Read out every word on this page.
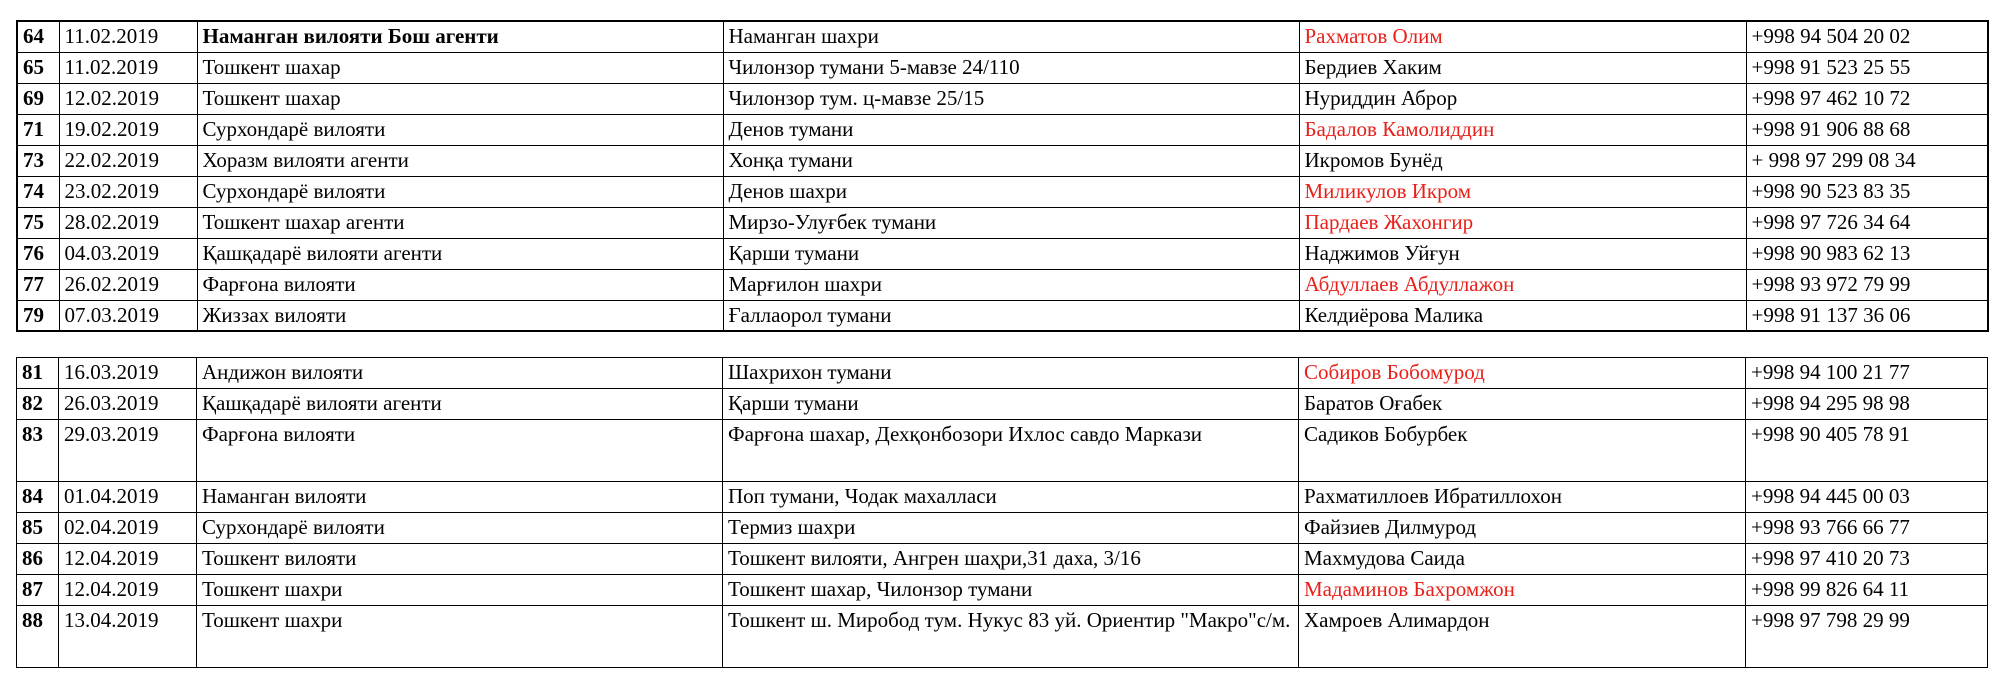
64	11.02.2019	Наманган вилояти Бош агенти	Наманган шахри	Рахматов Олим	+998 94 504 20 02
65	11.02.2019	Тошкент шахар	Чилонзор тумани 5-мавзе 24/110	Бердиев Хаким	+998 91 523 25 55
69	12.02.2019	Тошкент шахар	Чилонзор тум. ц-мавзе 25/15	Нуриддин Аброр	+998 97 462 10 72
71	19.02.2019	Сурхондарё вилояти	Денов тумани	Бадалов Камолиддин	+998 91 906 88 68
73	22.02.2019	Хоразм вилояти агенти	Хонқа тумани	Икромов Бунёд	+ 998 97 299 08 34
74	23.02.2019	Сурхондарё вилояти	Денов шахри	Миликулов Икром	+998 90 523 83 35
75	28.02.2019	Тошкент шахар агенти	Мирзо-Улуғбек тумани	Пардаев Жахонгир	+998 97 726 34 64
76	04.03.2019	Қашқадарё вилояти агенти	Қарши тумани	Наджимов Уйғун	+998 90 983 62 13
77	26.02.2019	Фарғона вилояти	Марғилон шахри	Абдуллаев Абдуллажон	+998 93 972 79 99
79	07.03.2019	Жиззах вилояти	Ғаллаорол тумани	Келдиёрова Малика	+998 91 137 36 06
81	16.03.2019	Андижон вилояти	Шахрихон тумани	Собиров Бобомурод	+998 94 100 21 77
82	26.03.2019	Қашқадарё вилояти агенти	Қарши тумани	Баратов Оғабек	+998 94 295 98 98
83	29.03.2019	Фарғона вилояти	Фарғона шахар, Дехқонбозори Ихлос савдо Маркази	Садиков Бобурбек	+998 90 405 78 91
84	01.04.2019	Наманган вилояти	Поп тумани, Чодак махалласи	Рахматиллоев Ибратиллохон	+998 94 445 00 03
85	02.04.2019	Сурхондарё вилояти	Термиз шахри	Файзиев Дилмурод	+998 93 766 66 77
86	12.04.2019	Тошкент вилояти	Тошкент вилояти, Ангрен шаҳри,31 даха, 3/16	Махмудова Саида	+998 97 410 20 73
87	12.04.2019	Тошкент шахри	Тошкент шахар, Чилонзор тумани	Мадаминов Бахромжон	+998 99 826 64 11
88	13.04.2019	Тошкент шахри	Тошкент ш. Миробод тум. Нукус 83 уй. Ориентир "Макро"с/м.	Хамроев Алимардон	+998 97 798 29 99
